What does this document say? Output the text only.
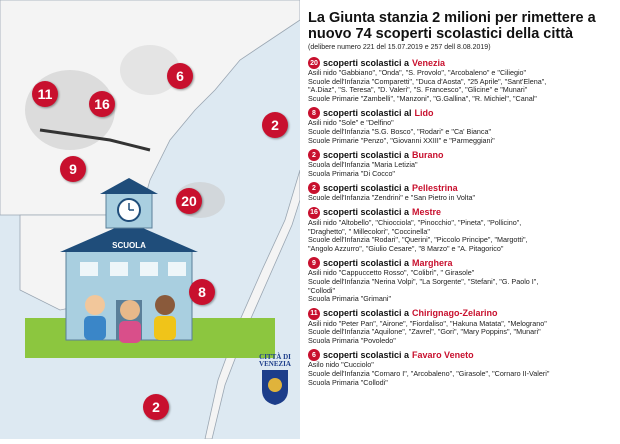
SCUOLA
11
16
6
2
9
20
8
2
CITTÀ DI
VENEZIA

La Giunta stanzia 2 milioni per rimettere a

nuovo 74 scoperti scolastici della città

(delibere numero 221 del 15.07.2019 e 257 dell 8.08.2019)

20 scoperti scolastici a Venezia
Asili nido "Gabbiano", "Onda", "S. Provolo", "Arcobaleno" e "Ciliegio"
Scuole dell'Infanzia "Comparetti", "Duca d'Aosta", "25 Aprile", "Sant'Elena",
"A.Diaz", "S. Teresa", "D. Valeri", "S. Francesco", "Glicine" e "Munari"
Scuole Primarie "Zambelli", "Manzoni", "G.Gallina", "R. Michiel", "Canal"
8 scoperti scolastici al Lido
Asili nido "Sole" e "Delfino"
Scuole dell'Infanzia "S.G. Bosco", "Rodari" e "Ca' Bianca"
Scuole Primarie "Penzo", "Giovanni XXIII" e "Parmeggiani"
2 scoperti scolastici a Burano
Scuola dell'Infanzia "Maria Letizia"
Scuola Primaria "Di Cocco"
2 scoperti scolastici a Pellestrina
Scuole dell'Infanzia "Zendrini" e "San Pietro in Volta"
16 scoperti scolastici a Mestre
Asili nido "Altobello", "Chiocciola", "Pinocchio", "Pineta", "Pollicino",
"Draghetto", " Millecolori", "Coccinella"
Scuole dell'Infanzia "Rodari", "Querini", "Piccolo Principe", "Margotti",
"Angolo Azzurro", "Giulio Cesare", "8 Marzo" e "A. Pitagorico"
9 scoperti scolastici a Marghera
Asili nido "Cappuccetto Rosso", "Colibrì", " Girasole"
Scuole dell'Infanzia "Nerina Volpi", "La Sorgente", "Stefani", "G. Paolo I",
"Collodi"
Scuola Primaria "Grimani"
11 scoperti scolastici a Chirignago-Zelarino
Asili nido "Peter Pan", "Airone", "Fiordaliso", "Hakuna Matata", "Melograno"
Scuole dell'Infanzia "Aquilone", "Zavrel", "Gori", "Mary Poppins", "Munari"
Scuola Primaria "Povoledo"
6 scoperti scolastici a Favaro Veneto
Asilo nido "Cucciolo"
Scuole dell'Infanzia "Cornaro I", "Arcobaleno", "Girasole", "Cornaro II-Valeri"
Scuola Primaria "Collodi"
